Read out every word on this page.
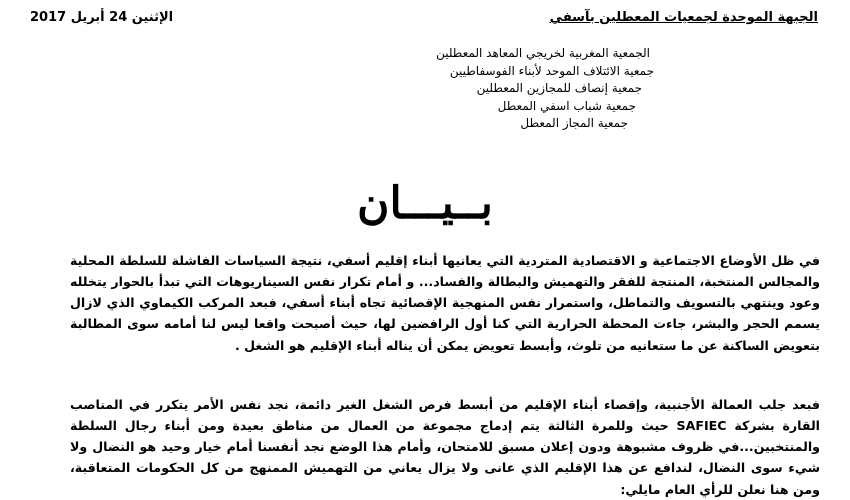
الجبهة الموحدة لجمعيات المعطلين بآسفي
الإثنين 24 أبريل 2017
الجمعية المغربية لخريجي المعاهد المعطلين
جمعية الائتلاف الموحد لأبناء الفوسفاطيين
جمعية إنصاف للمجازين المعطلين
جمعية شباب اسفي المعطل
جمعية المجاز المعطل
بــيـــان

في ظل الأوضاع الاجتماعية و الاقتصادية المتردية التي يعانيها أبناء إقليم أسفي، نتيجة السياسات الفاشلة للسلطة المحلية والمجالس المنتخبة، المنتجة للفقر والتهميش والبطالة والفساد... و أمام تكرار نفس السيناريوهات التي تبدأ بالحوار يتخلله وعود وينتهي بالتسويف والتماطل، واستمرار نفس المنهجية الإقصائية تجاه أبناء أسفي، فبعد المركب الكيماوي الذي لازال يسمم الحجر والبشر، جاءت المحطة الحرارية التي كنا أول الرافضين لها، حيث أصبحت واقعا ليس لنا أمامه سوى المطالبة بتعويض الساكنة عن ما ستعانيه من تلوث، وأبسط تعويض يمكن أن يناله أبناء الإقليم هو الشغل .

فبعد جلب العمالة الأجنبية، وإقصاء أبناء الإقليم من أبسط فرص الشغل الغير دائمة، نجد نفس الأمر يتكرر في المناصب القارة بشركة SAFIEC حيث وللمرة الثالثة يتم إدماج مجموعة من العمال من مناطق بعيدة ومن أبناء رجال السلطة والمنتخبين...في ظروف مشبوهة ودون إعلان مسبق للامتحان، وأمام هذا الوضع نجد أنفسنا أمام خيار وحيد هو النضال ولا شيء سوى النضال، لندافع عن هذا الإقليم الذي عانى ولا يزال يعاني من التهميش الممنهج من كل الحكومات المتعاقبة، ومن هنا نعلن للرأي العام مايلي:
